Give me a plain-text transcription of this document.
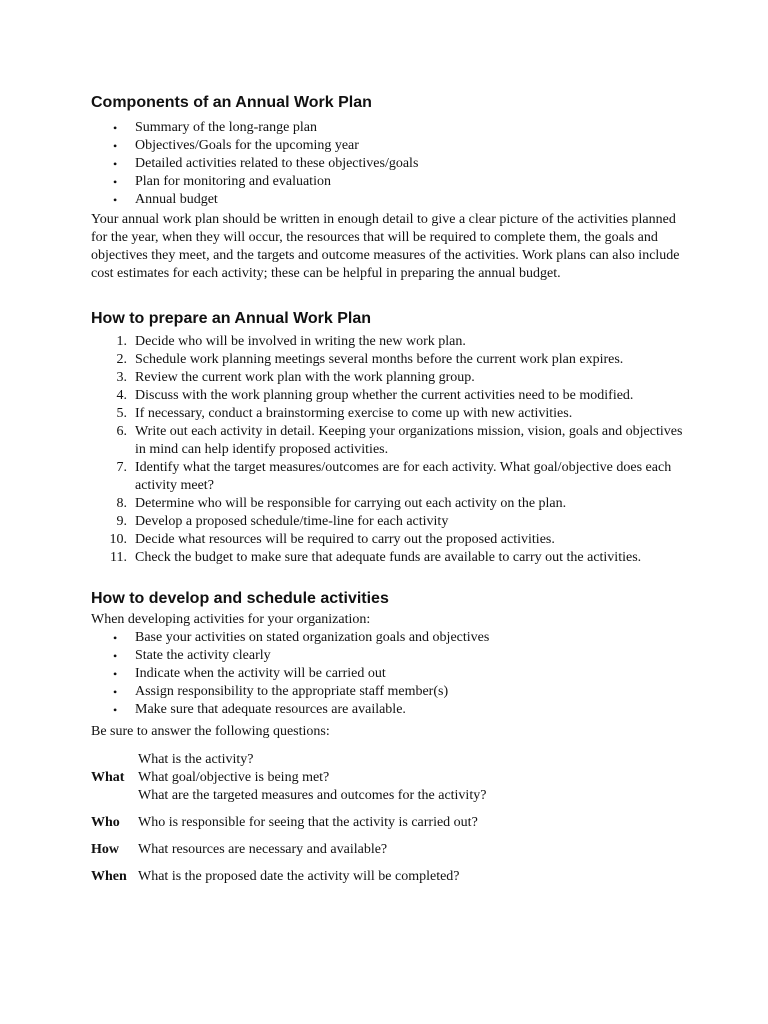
Components of an Annual Work Plan
• Summary of the long-range plan
• Objectives/Goals for the upcoming year
• Detailed activities related to these objectives/goals
• Plan for monitoring and evaluation
• Annual budget

Your annual work plan should be written in enough detail to give a clear picture of the activities planned for the year, when they will occur, the resources that will be required to complete them, the goals and objectives they meet, and the targets and outcome measures of the activities. Work plans can also include cost estimates for each activity; these can be helpful in preparing the annual budget.

How to prepare an Annual Work Plan
1. Decide who will be involved in writing the new work plan.
2. Schedule work planning meetings several months before the current work plan expires.
3. Review the current work plan with the work planning group.
4. Discuss with the work planning group whether the current activities need to be modified.
5. If necessary, conduct a brainstorming exercise to come up with new activities.
6. Write out each activity in detail. Keeping your organizations mission, vision, goals and objectives in mind can help identify proposed activities.
7. Identify what the target measures/outcomes are for each activity. What goal/objective does each activity meet?
8. Determine who will be responsible for carrying out each activity on the plan.
9. Develop a proposed schedule/time-line for each activity
10. Decide what resources will be required to carry out the proposed activities.
11. Check the budget to make sure that adequate funds are available to carry out the activities.
How to develop and schedule activities

When developing activities for your organization:

• Base your activities on stated organization goals and objectives
• State the activity clearly
• Indicate when the activity will be carried out
• Assign responsibility to the appropriate staff member(s)
• Make sure that adequate resources are available.

Be sure to answer the following questions:

What	What is the activity?
What goal/objective is being met?
What are the targeted measures and outcomes for the activity?

Who	Who is responsible for seeing that the activity is carried out?

How	What resources are necessary and available?

When	What is the proposed date the activity will be completed?
